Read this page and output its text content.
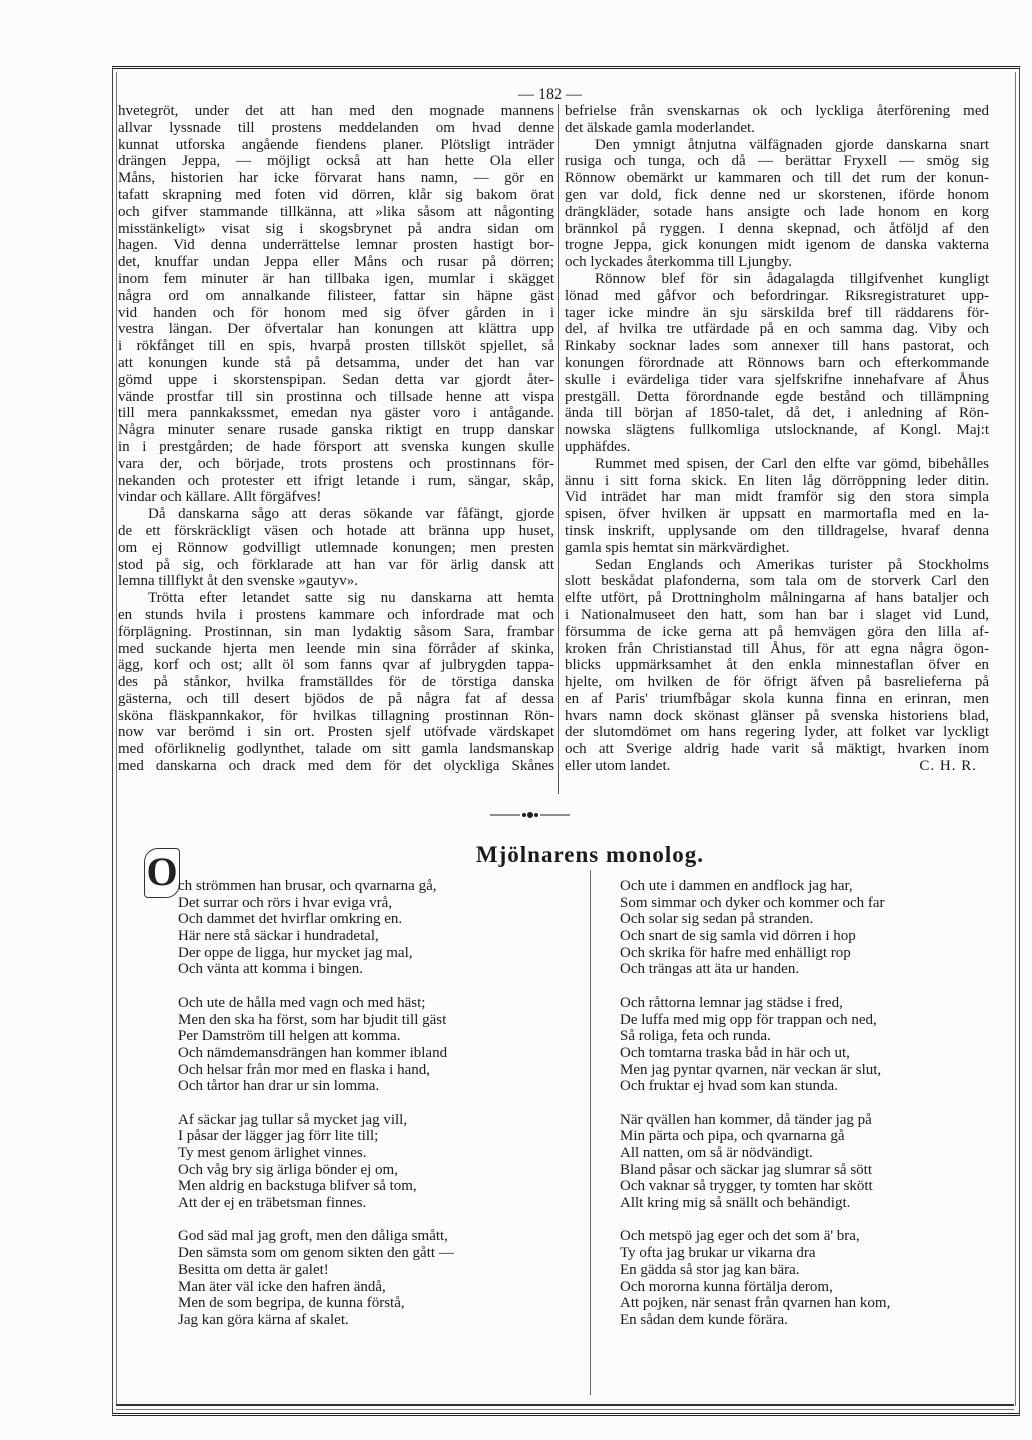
— 182 —
hvetegröt, under det att han med den mognade mannens
allvar lyssnade till prostens meddelanden om hvad denne
kunnat utforska angående fiendens planer. Plötsligt inträder
drängen Jeppa, — möjligt också att han hette Ola eller
Måns, historien har icke förvarat hans namn, — gör en
tafatt skrapning med foten vid dörren, klår sig bakom örat
och gifver stammande tillkänna, att »lika såsom att någonting
misstänkeligt» visat sig i skogsbrynet på andra sidan om
hagen. Vid denna underrättelse lemnar prosten hastigt bor-
det, knuffar undan Jeppa eller Måns och rusar på dörren;
inom fem minuter är han tillbaka igen, mumlar i skägget
några ord om annalkande filisteer, fattar sin häpne gäst
vid handen och för honom med sig öfver gården in i
vestra längan. Der öfvertalar han konungen att klättra upp
i rökfånget till en spis, hvarpå prosten tillsköt spjellet, så
att konungen kunde stå på detsamma, under det han var
gömd uppe i skorstenspipan. Sedan detta var gjordt åter-
vände prostfar till sin prostinna och tillsade henne att vispa
till mera pannkakssmet, emedan nya gäster voro i antågande.
Några minuter senare rusade ganska riktigt en trupp danskar
in i prestgården; de hade försport att svenska kungen skulle
vara der, och började, trots prostens och prostinnans för-
nekanden och protester ett ifrigt letande i rum, sängar, skåp,
vindar och källare. Allt förgäfves!
Då danskarna sågo att deras sökande var fåfängt, gjorde
de ett förskräckligt väsen och hotade att bränna upp huset,
om ej Rönnow godvilligt utlemnade konungen; men presten
stod på sig, och förklarade att han var för ärlig dansk att
lemna tillflykt åt den svenske »gautyv».
Trötta efter letandet satte sig nu danskarna att hemta
en stunds hvila i prostens kammare och infordrade mat och
förplägning. Prostinnan, sin man lydaktig såsom Sara, frambar
med suckande hjerta men leende min sina förråder af skinka,
ägg, korf och ost; allt öl som fanns qvar af julbrygden tappa-
des på stånkor, hvilka framställdes för de törstiga danska
gästerna, och till desert bjödos de på några fat af dessa
sköna fläskpannkakor, för hvilkas tillagning prostinnan Rön-
now var berömd i sin ort. Prosten sjelf utöfvade värdskapet
med oförliknelig godlynthet, talade om sitt gamla landsmanskap
med danskarna och drack med dem för det olyckliga Skånes
befrielse från svenskarnas ok och lyckliga återförening med
det älskade gamla moderlandet.
Den ymnigt åtnjutna välfägnaden gjorde danskarna snart
rusiga och tunga, och då — berättar Fryxell — smög sig
Rönnow obemärkt ur kammaren och till det rum der konun-
gen var dold, fick denne ned ur skorstenen, iförde honom
drängkläder, sotade hans ansigte och lade honom en korg
brännkol på ryggen. I denna skepnad, och åtföljd af den
trogne Jeppa, gick konungen midt igenom de danska vakterna
och lyckades återkomma till Ljungby.
Rönnow blef för sin ådagalagda tillgifvenhet kungligt
lönad med gåfvor och befordringar. Riksregistraturet upp-
tager icke mindre än sju särskilda bref till räddarens för-
del, af hvilka tre utfärdade på en och samma dag. Viby och
Rinkaby socknar lades som annexer till hans pastorat, och
konungen förordnade att Rönnows barn och efterkommande
skulle i evärdeliga tider vara sjelfskrifne innehafvare af Åhus
prestgäll. Detta förordnande egde bestånd och tillämpning
ända till början af 1850-talet, då det, i anledning af Rön-
nowska slägtens fullkomliga utslocknande, af Kongl. Maj:t
upphäfdes.
Rummet med spisen, der Carl den elfte var gömd, bibehålles
ännu i sitt forna skick. En liten låg dörröppning leder ditin.
Vid inträdet har man midt framför sig den stora simpla
spisen, öfver hvilken är uppsatt en marmortafla med en la-
tinsk inskrift, upplysande om den tilldragelse, hvaraf denna
gamla spis hemtat sin märkvärdighet.
Sedan Englands och Amerikas turister på Stockholms
slott beskådat plafonderna, som tala om de storverk Carl den
elfte utfört, på Drottningholm målningarna af hans bataljer och
i Nationalmuseet den hatt, som han bar i slaget vid Lund,
försumma de icke gerna att på hemvägen göra den lilla af-
kroken från Christianstad till Åhus, för att egna några ögon-
blicks uppmärksamhet åt den enkla minnestaflan öfver en
hjelte, om hvilken de för öfrigt äfven på basrelieferna på
en af Paris' triumfbågar skola kunna finna en erinran, men
hvars namn dock skönast glänser på svenska historiens blad,
der slutomdömet om hans regering lyder, att folket var lyckligt
och att Sverige aldrig hade varit så mäktigt, hvarken inom
eller utom landet.	C. H. R.
Mjölnarens monolog.
O ch strömmen han brusar, och qvarnarna gå,
Det surrar och rörs i hvar eviga vrå,
Och dammet det hvirflar omkring en.
Här nere stå säckar i hundradetal,
Der oppe de ligga, hur mycket jag mal,
Och vänta att komma i bingen.
Och ute de hålla med vagn och med häst;
Men den ska ha först, som har bjudit till gäst
Per Damström till helgen att komma.
Och nämdemansdrängen han kommer ibland
Och helsar från mor med en flaska i hand,
Och tårtor han drar ur sin lomma.
Af säckar jag tullar så mycket jag vill,
I påsar der lägger jag förr lite till;
Ty mest genom ärlighet vinnes.
Och våg bry sig ärliga bönder ej om,
Men aldrig en backstuga blifver så tom,
Att der ej en träbetsman finnes.
God säd mal jag groft, men den dåliga smått,
Den sämsta som om genom sikten den gått —
Besitta om detta är galet!
Man äter väl icke den hafren ändå,
Men de som begripa, de kunna förstå,
Jag kan göra kärna af skalet.
Och ute i dammen en andflock jag har,
Som simmar och dyker och kommer och far
Och solar sig sedan på stranden.
Och snart de sig samla vid dörren i hop
Och skrika för hafre med enhälligt rop
Och trängas att äta ur handen.
Och råttorna lemnar jag städse i fred,
De luffa med mig opp för trappan och ned,
Så roliga, feta och runda.
Och tomtarna traska båd in här och ut,
Men jag pyntar qvarnen, när veckan är slut,
Och fruktar ej hvad som kan stunda.
När qvällen han kommer, då tänder jag på
Min pärta och pipa, och qvarnarna gå
All natten, om så är nödvändigt.
Bland påsar och säckar jag slumrar så sött
Och vaknar så trygger, ty tomten har skött
Allt kring mig så snällt och behändigt.
Och metspö jag eger och det som ä' bra,
Ty ofta jag brukar ur vikarna dra
En gädda så stor jag kan bära.
Och mororna kunna förtälja derom,
Att pojken, när senast från qvarnen han kom,
En sådan dem kunde förära.
